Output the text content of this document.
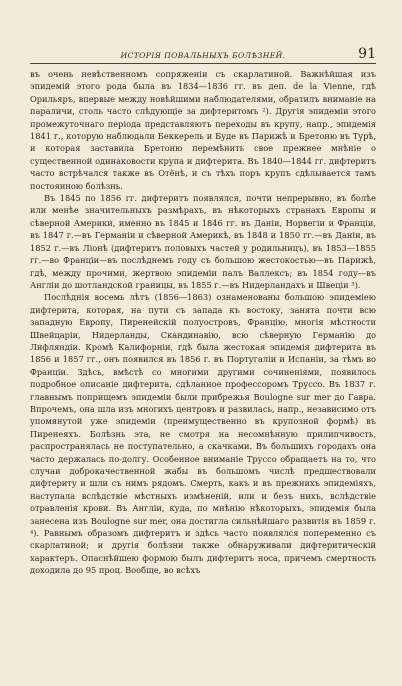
ИСТОРІЯ ПОВАЛЬНЫХЪ БОЛѢЗНЕЙ.	91

въ очень невѣственномъ сопряженіи съ скарлатиной. Важнѣйшая изъ эпидемій этого рода была въ 1834—1836 гг. въ деп. de la Vienne, гдѣ Орильяръ, впервые между новѣйшими наблюдателями, обратилъ вниманіе на параличи, столь часто слѣдующіе за дифтеритомъ ²). Другія эпидеміи этого промежуточнаго періода представляютъ переходы въ крупу, напр., эпидемія 1841 г., которую наблюдали Беккерель и Буде въ Парижѣ и Бретоню въ Турѣ, и которая заставила Бретоню перемѣнить свое прежнее мнѣніе о существенной одинаковости крупа и дифтерита. Въ 1840—1844 гг. дифтеритъ часто встрѣчался также въ Отёнѣ, и съ тѣхъ поръ крупъ сдѣлывается тамъ постоянною болѣзнь.

Въ 1845 по 1856 гг. дифтеритъ появлялся, почти непрерывно, въ болѣе или менѣе значительныхъ размѣрахъ, въ нѣкоторыхъ странахъ Европы и сѣверной Америки, именно въ 1845 и 1846 гг. въ Даніи, Норвегіи и Франціи, въ 1847 г.—въ Германіи и сѣверной Америкѣ, въ 1848 и 1850 гг.—въ Даніи, въ 1852 г.—въ Ліонѣ (дифтеритъ половыхъ частей у родильницъ), въ 1853—1855 гг.—во Франціи—въ послѣднемъ году съ большою жестокостью—въ Парижѣ, гдѣ, между прочими, жертвою эпидеміи палъ Валлексъ; въ 1854 году—въ Англіи до шотландской границы, въ 1855 г.—въ Нидерландахъ и Швеціи ³).

Послѣднія восемь лѣтъ (1856—1863) ознаменованы большою эпидеміею дифтерита, которая, на пути съ запада къ востоку, занята почти всю западную Европу, Пиренейскій полуостровъ, Францію, многія мѣстности Швейцаріи, Нидерланды, Скандинавію, всю сѣверную Германію до Лифляндіи. Кромѣ Калифорніи, гдѣ была жестокая эпидемія дифтерита въ 1856 и 1857 гг., онъ появился въ 1856 г. въ Португаліи и Испаніи, за тѣмъ во Франціи. Здѣсь, вмѣстѣ со многими другими сочиненіями, появилось подробное описаніе дифтерита, сдѣланное профессоромъ Труссо. Въ 1837 г. главнымъ поприщемъ эпидеміи были прибрежья Boulogne sur mer до Гавра. Впрочемъ, она шла изъ многихъ центровъ и развилась, напр., независимо отъ упомянутой уже эпидеміи (преимущественно въ крупозной формѣ) въ Пиренеяхъ. Болѣзнь эта, не смотря на несомнѣнную прилипчивость, распространялась не поступательно, а скачками. Въ большихъ городахъ она часто держалась по-долгу. Особенное вниманіе Труссо обращаетъ на то, что случаи доброкачественной жабы въ большомъ числѣ предшествовали дифтериту и шли съ нимъ рядомъ. Смерть, какъ и въ прежнихъ эпидеміяхъ, наступала вслѣдствіе мѣстныхъ измѣненій, или и безъ нихъ, вслѣдствіе отравленія крови. Въ Англіи, куда, по мнѣнію нѣкоторыхъ, эпидемія была занесена изъ Boulogne sur mer, она достигла сильнѣйшаго развитія въ 1859 г. ⁴). Равнымъ образомъ дифтеритъ и здѣсь часто появлялся попеременно съ скарлатиной; и другія болѣзни также обнаруживали дифтеритическій характеръ. Опаснѣйшею формою былъ дифтеритъ носа, причемъ смертность доходила до 95 проц. Вообще, во всѣхъ
